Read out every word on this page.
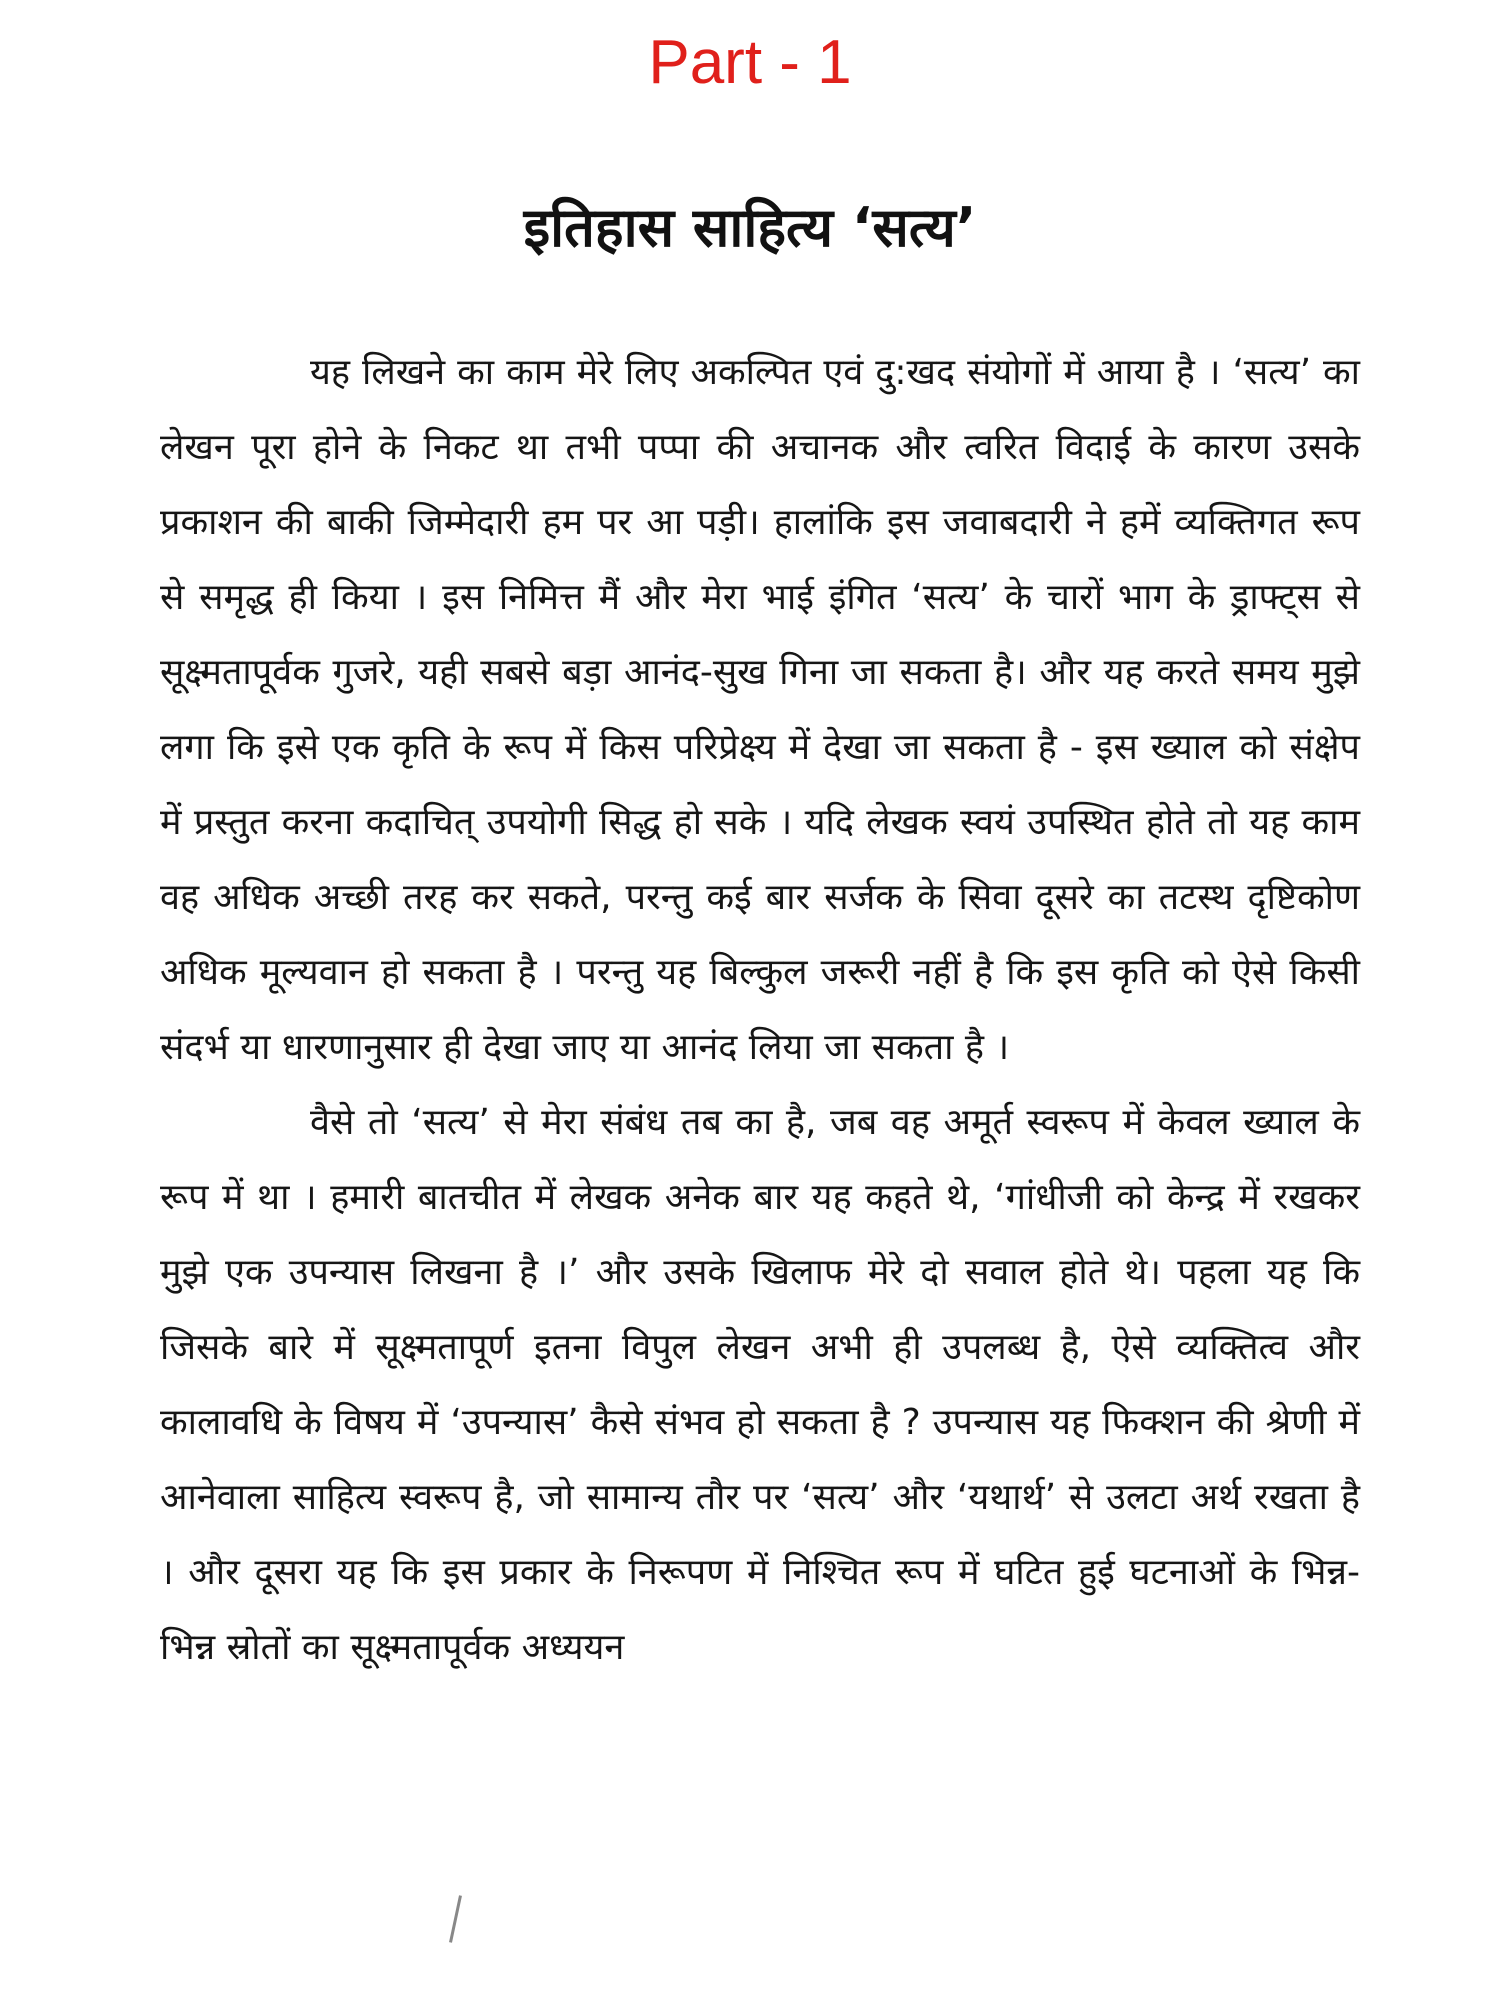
Part - 1
इतिहास साहित्य ‘सत्य’

यह लिखने का काम मेरे लिए अकल्पित एवं दु:खद संयोगों में आया है । ‘सत्य’ का लेखन पूरा होने के निकट था तभी पप्पा की अचानक और त्वरित विदाई के कारण उसके प्रकाशन की बाकी जिम्मेदारी हम पर आ पड़ी। हालांकि इस जवाबदारी ने हमें व्यक्तिगत रूप से समृद्ध ही किया । इस निमित्त मैं और मेरा भाई इंगित ‘सत्य’ के चारों भाग के ड्राफ्ट्स से सूक्ष्मतापूर्वक गुजरे, यही सबसे बड़ा आनंद-सुख गिना जा सकता है। और यह करते समय मुझे लगा कि इसे एक कृति के रूप में किस परिप्रेक्ष्य में देखा जा सकता है - इस ख्याल को संक्षेप में प्रस्तुत करना कदाचित् उपयोगी सिद्ध हो सके । यदि लेखक स्वयं उपस्थित होते तो यह काम वह अधिक अच्छी तरह कर सकते, परन्तु कई बार सर्जक के सिवा दूसरे का तटस्थ दृष्टिकोण अधिक मूल्यवान हो सकता है । परन्तु यह बिल्कुल जरूरी नहीं है कि इस कृति को ऐसे किसी संदर्भ या धारणानुसार ही देखा जाए या आनंद लिया जा सकता है ।

वैसे तो ‘सत्य’ से मेरा संबंध तब का है, जब वह अमूर्त स्वरूप में केवल ख्याल के रूप में था । हमारी बातचीत में लेखक अनेक बार यह कहते थे, ‘गांधीजी को केन्द्र में रखकर मुझे एक उपन्यास लिखना है ।’ और उसके खिलाफ मेरे दो सवाल होते थे। पहला यह कि जिसके बारे में सूक्ष्मतापूर्ण इतना विपुल लेखन अभी ही उपलब्ध है, ऐसे व्यक्तित्व और कालावधि के विषय में ‘उपन्यास’ कैसे संभव हो सकता है ? उपन्यास यह फिक्शन की श्रेणी में आनेवाला साहित्य स्वरूप है, जो सामान्य तौर पर ‘सत्य’ और ‘यथार्थ’ से उलटा अर्थ रखता है । और दूसरा यह कि इस प्रकार के निरूपण में निश्चित रूप में घटित हुई घटनाओं के भिन्न-भिन्न स्रोतों का सूक्ष्मतापूर्वक अध्ययन
